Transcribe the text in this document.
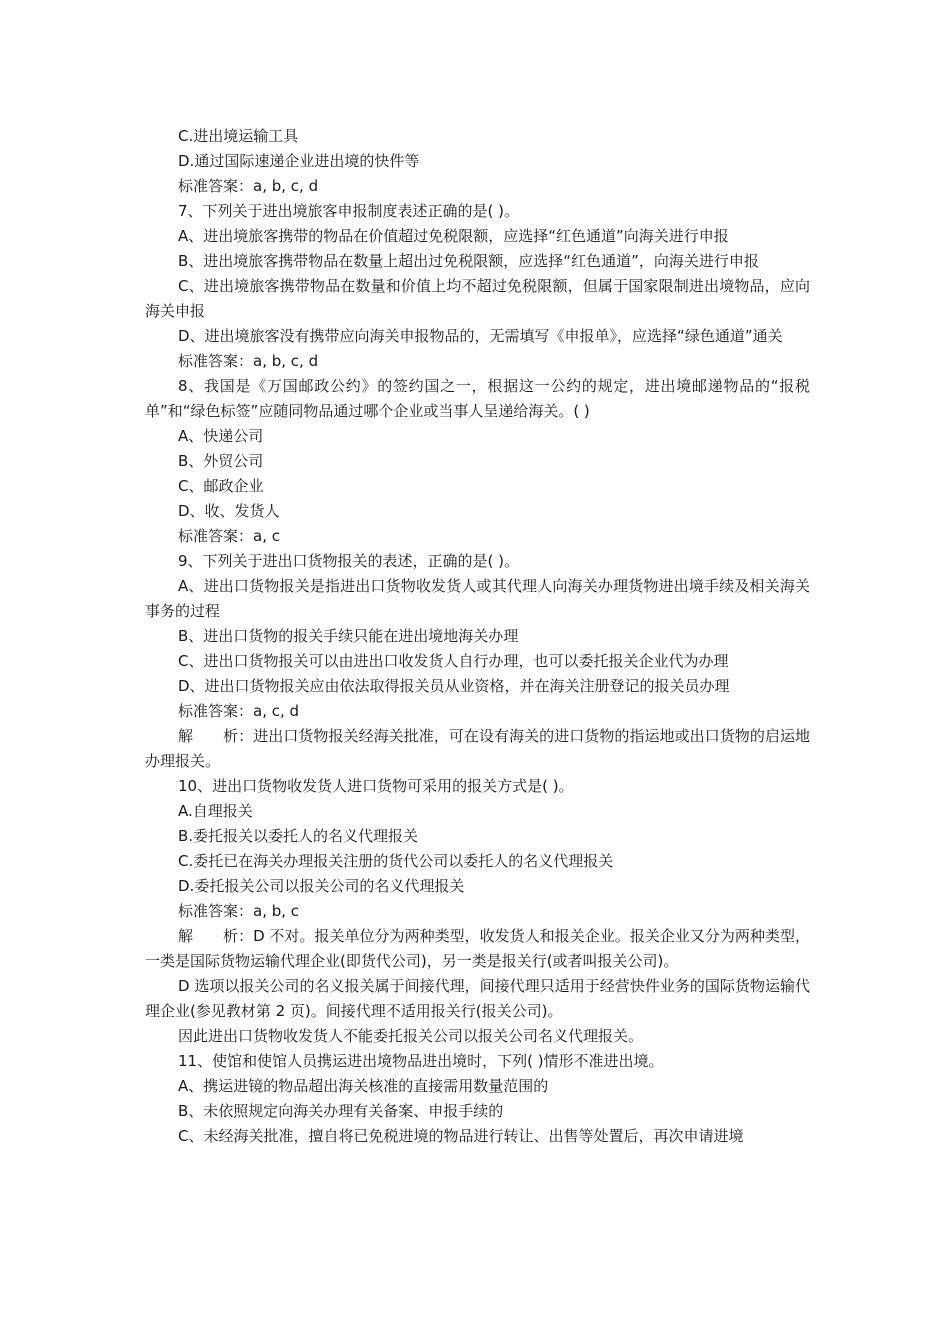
C.进出境运输工具

D.通过国际速递企业进出境的快件等

标准答案：a, b, c, d

7、下列关于进出境旅客申报制度表述正确的是( )。

A、进出境旅客携带的物品在价值超过免税限额，应选择“红色通道”向海关进行申报

B、进出境旅客携带物品在数量上超出过免税限额，应选择“红色通道”，向海关进行申报

C、进出境旅客携带物品在数量和价值上均不超过免税限额，但属于国家限制进出境物品，应向海关申报

D、进出境旅客没有携带应向海关申报物品的，无需填写《申报单》，应选择“绿色通道”通关

标准答案：a, b, c, d

8、我国是《万国邮政公约》的签约国之一，根据这一公约的规定，进出境邮递物品的“报税单”和“绿色标签”应随同物品通过哪个企业或当事人呈递给海关。( )

A、快递公司

B、外贸公司

C、邮政企业

D、收、发货人

标准答案：a, c

9、下列关于进出口货物报关的表述，正确的是( )。

A、进出口货物报关是指进出口货物收发货人或其代理人向海关办理货物进出境手续及相关海关事务的过程

B、进出口货物的报关手续只能在进出境地海关办理

C、进出口货物报关可以由进出口收发货人自行办理，也可以委托报关企业代为办理

D、进出口货物报关应由依法取得报关员从业资格，并在海关注册登记的报关员办理

标准答案：a, c, d

解　　析：进出口货物报关经海关批准，可在设有海关的进口货物的指运地或出口货物的启运地办理报关。

10、进出口货物收发货人进口货物可采用的报关方式是( )。

A.自理报关

B.委托报关以委托人的名义代理报关

C.委托已在海关办理报关注册的货代公司以委托人的名义代理报关

D.委托报关公司以报关公司的名义代理报关

标准答案：a, b, c

解　　析：D 不对。报关单位分为两种类型，收发货人和报关企业。报关企业又分为两种类型，一类是国际货物运输代理企业(即货代公司)，另一类是报关行(或者叫报关公司)。

D 选项以报关公司的名义报关属于间接代理，间接代理只适用于经营快件业务的国际货物运输代理企业(参见教材第 2 页)。间接代理不适用报关行(报关公司)。

因此进出口货物收发货人不能委托报关公司以报关公司名义代理报关。

11、使馆和使馆人员携运进出境物品进出境时，下列( )情形不准进出境。

A、携运进镜的物品超出海关核准的直接需用数量范围的

B、未依照规定向海关办理有关备案、申报手续的

C、未经海关批准，擅自将已免税进境的物品进行转让、出售等处置后，再次申请进境
